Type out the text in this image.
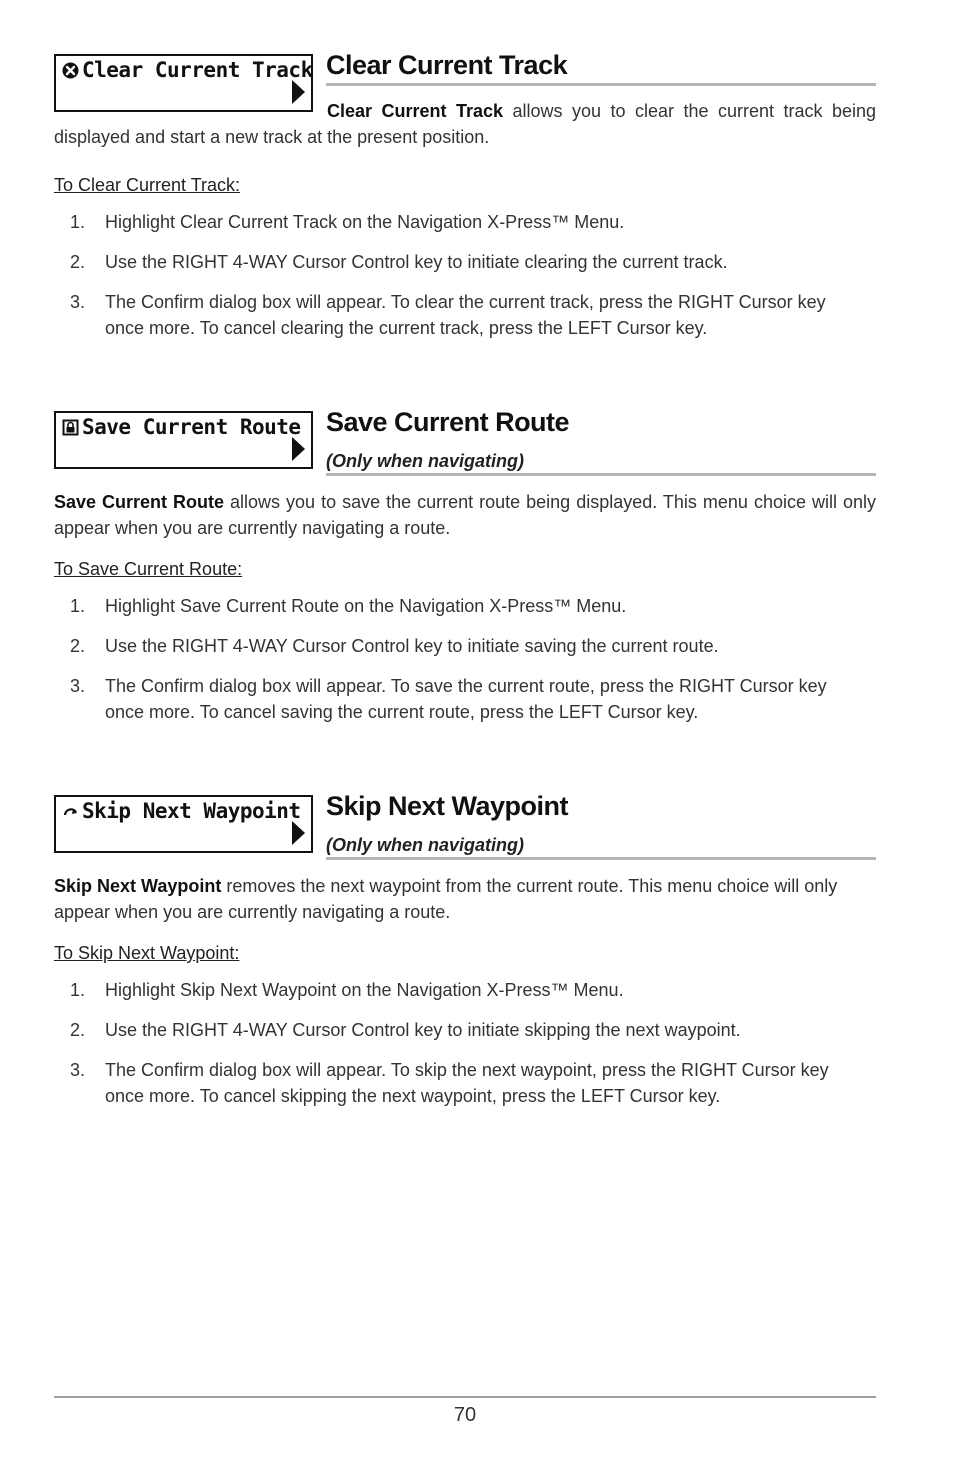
Clear Current Track Clear Current Track

Clear Current Track allows you to clear the current track being displayed and start a new track at the present position.

To Clear Current Track:
1. Highlight Clear Current Track on the Navigation X-Press™ Menu.
2. Use the RIGHT 4-WAY Cursor Control key to initiate clearing the current track.
3. The Confirm dialog box will appear. To clear the current track, press the RIGHT Cursor key once more. To cancel clearing the current track, press the LEFT Cursor key.
Save Current Route Save Current Route
(Only when navigating)

Save Current Route allows you to save the current route being displayed. This menu choice will only appear when you are currently navigating a route.

To Save Current Route:
1. Highlight Save Current Route on the Navigation X-Press™ Menu.
2. Use the RIGHT 4-WAY Cursor Control key to initiate saving the current route.
3. The Confirm dialog box will appear. To save the current route, press the RIGHT Cursor key once more. To cancel saving the current route, press the LEFT Cursor key.
Skip Next Waypoint Skip Next Waypoint
(Only when navigating)

Skip Next Waypoint removes the next waypoint from the current route. This menu choice will only appear when you are currently navigating a route.

To Skip Next Waypoint:
1. Highlight Skip Next Waypoint on the Navigation X-Press™ Menu.
2. Use the RIGHT 4-WAY Cursor Control key to initiate skipping the next waypoint.
3. The Confirm dialog box will appear. To skip the next waypoint, press the RIGHT Cursor key once more. To cancel skipping the next waypoint, press the LEFT Cursor key.
70
